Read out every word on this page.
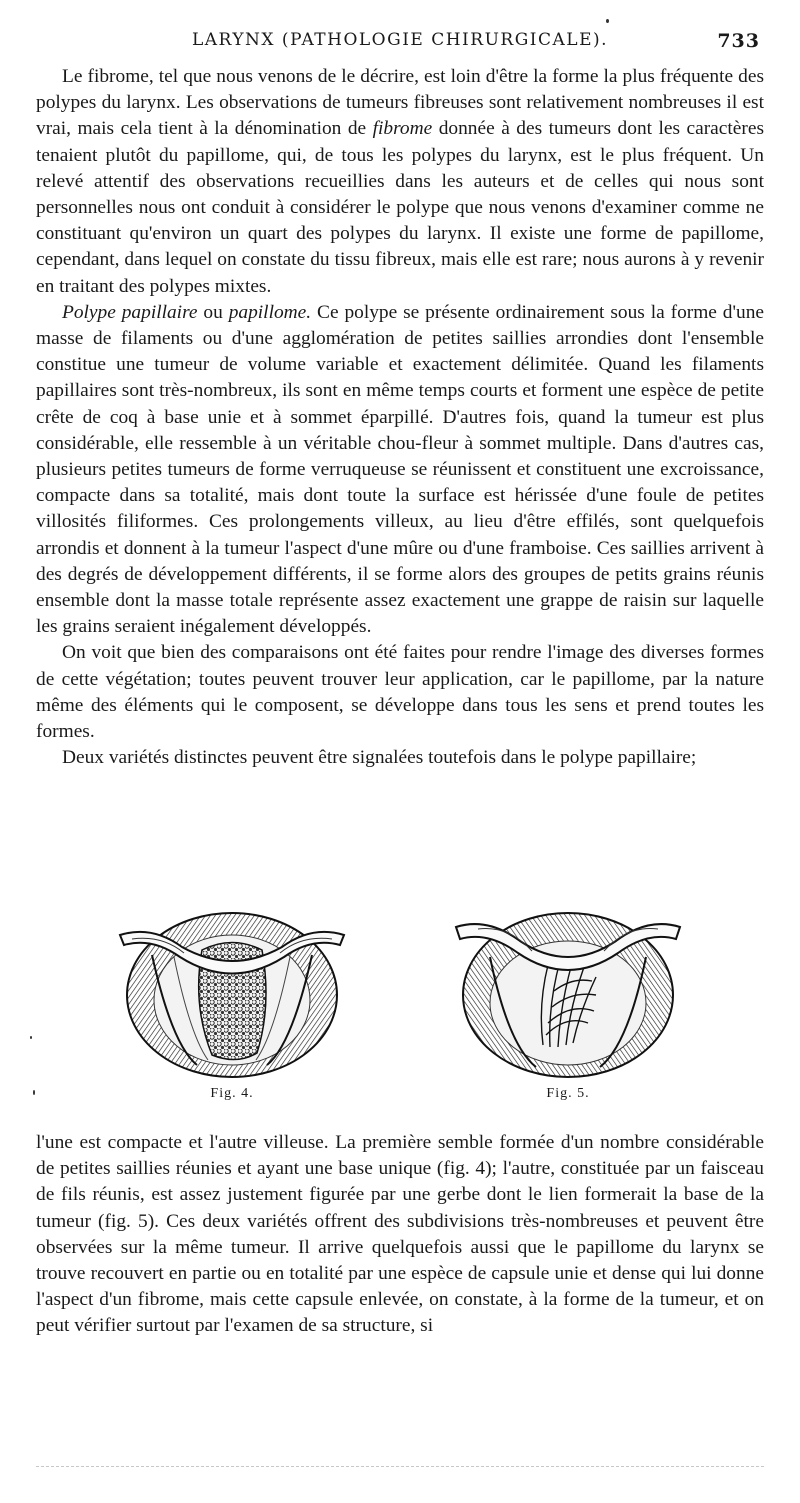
LARYNX (PATHOLOGIE CHIRURGICALE).	733

Le fibrome, tel que nous venons de le décrire, est loin d'être la forme la plus fréquente des polypes du larynx. Les observations de tumeurs fibreuses sont relativement nombreuses il est vrai, mais cela tient à la dénomination de fibrome donnée à des tumeurs dont les caractères tenaient plutôt du papillome, qui, de tous les polypes du larynx, est le plus fréquent. Un relevé attentif des observations recueillies dans les auteurs et de celles qui nous sont personnelles nous ont conduit à considérer le polype que nous venons d'examiner comme ne constituant qu'environ un quart des polypes du larynx. Il existe une forme de papillome, cependant, dans lequel on constate du tissu fibreux, mais elle est rare; nous aurons à y revenir en traitant des polypes mixtes.

Polype papillaire ou papillome. Ce polype se présente ordinairement sous la forme d'une masse de filaments ou d'une agglomération de petites saillies arrondies dont l'ensemble constitue une tumeur de volume variable et exactement délimitée. Quand les filaments papillaires sont très-nombreux, ils sont en même temps courts et forment une espèce de petite crête de coq à base unie et à sommet éparpillé. D'autres fois, quand la tumeur est plus considérable, elle ressemble à un véritable chou-fleur à sommet multiple. Dans d'autres cas, plusieurs petites tumeurs de forme verruqueuse se réunissent et constituent une excroissance, compacte dans sa totalité, mais dont toute la surface est hérissée d'une foule de petites villosités filiformes. Ces prolongements villeux, au lieu d'être effilés, sont quelquefois arrondis et donnent à la tumeur l'aspect d'une mûre ou d'une framboise. Ces saillies arrivent à des degrés de développement différents, il se forme alors des groupes de petits grains réunis ensemble dont la masse totale représente assez exactement une grappe de raisin sur laquelle les grains seraient inégalement développés.

On voit que bien des comparaisons ont été faites pour rendre l'image des diverses formes de cette végétation; toutes peuvent trouver leur application, car le papillome, par la nature même des éléments qui le composent, se développe dans tous les sens et prend toutes les formes.

Deux variétés distinctes peuvent être signalées toutefois dans le polype papillaire;

Fig. 4.	Fig. 5.

l'une est compacte et l'autre villeuse. La première semble formée d'un nombre considérable de petites saillies réunies et ayant une base unique (fig. 4); l'autre, constituée par un faisceau de fils réunis, est assez justement figurée par une gerbe dont le lien formerait la base de la tumeur (fig. 5). Ces deux variétés offrent des subdivisions très-nombreuses et peuvent être observées sur la même tumeur. Il arrive quelquefois aussi que le papillome du larynx se trouve recouvert en partie ou en totalité par une espèce de capsule unie et dense qui lui donne l'aspect d'un fibrome, mais cette capsule enlevée, on constate, à la forme de la tumeur, et on peut vérifier surtout par l'examen de sa structure, si
